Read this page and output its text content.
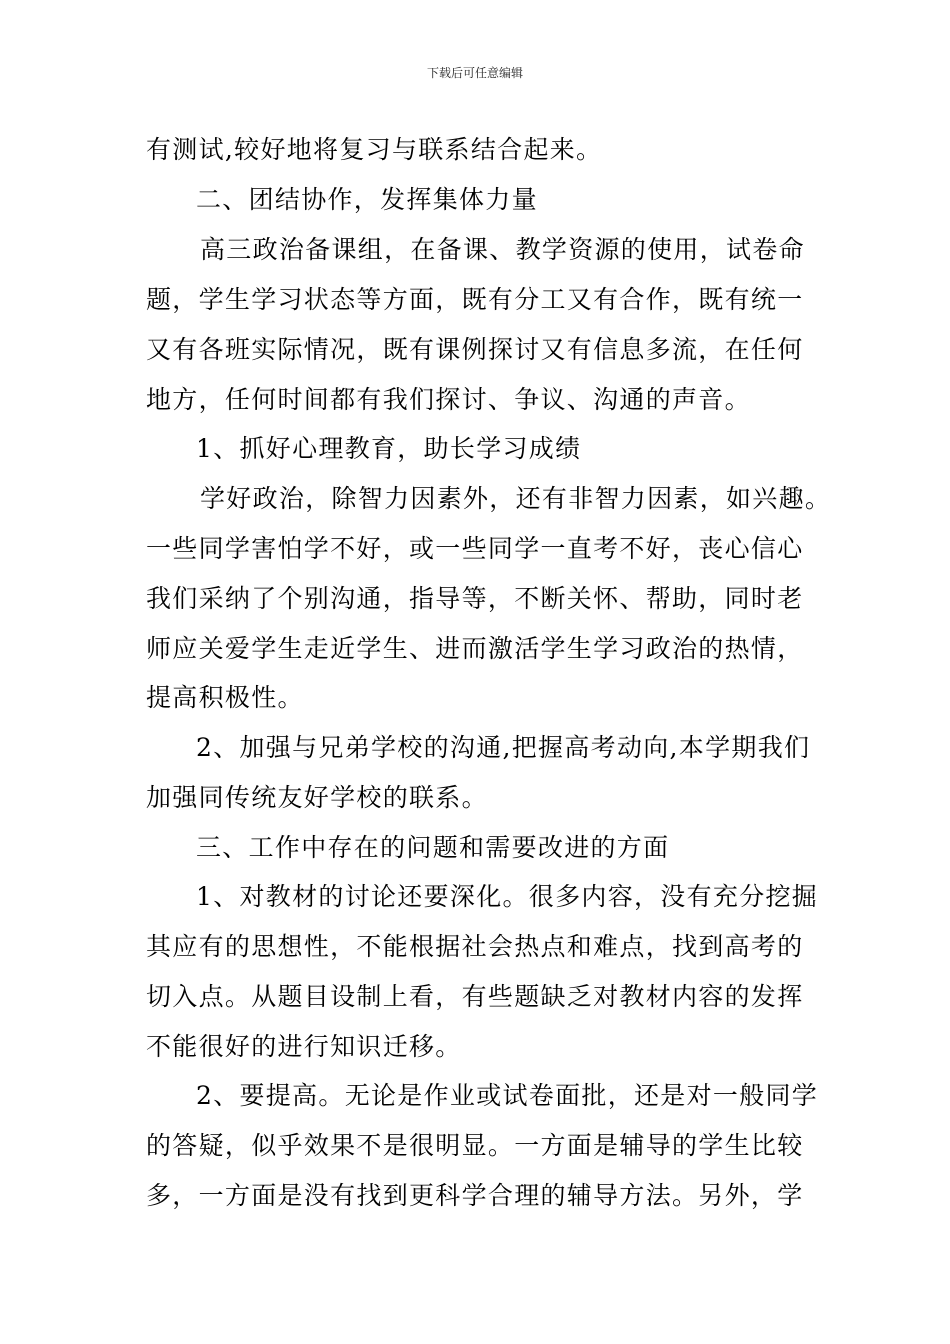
下载后可任意编辑
有测试,较好地将复习与联系结合起来。
二、团结协作，发挥集体力量
高三政治备课组，在备课、教学资源的使用，试卷命
题，学生学习状态等方面，既有分工又有合作，既有统一
又有各班实际情况，既有课例探讨又有信息多流，在任何
地方，任何时间都有我们探讨、争议、沟通的声音。
1、抓好心理教育，助长学习成绩
学好政治，除智力因素外，还有非智力因素，如兴趣。
一些同学害怕学不好，或一些同学一直考不好，丧心信心
我们采纳了个别沟通，指导等，不断关怀、帮助，同时老
师应关爱学生走近学生、进而激活学生学习政治的热情，
提高积极性。
2、加强与兄弟学校的沟通,把握高考动向,本学期我们
加强同传统友好学校的联系。
三、工作中存在的问题和需要改进的方面
1、对教材的讨论还要深化。很多内容，没有充分挖掘
其应有的思想性，不能根据社会热点和难点，找到高考的
切入点。从题目设制上看，有些题缺乏对教材内容的发挥
不能很好的进行知识迁移。
2、要提高。无论是作业或试卷面批，还是对一般同学
的答疑，似乎效果不是很明显。一方面是辅导的学生比较
多，一方面是没有找到更科学合理的辅导方法。另外，学
